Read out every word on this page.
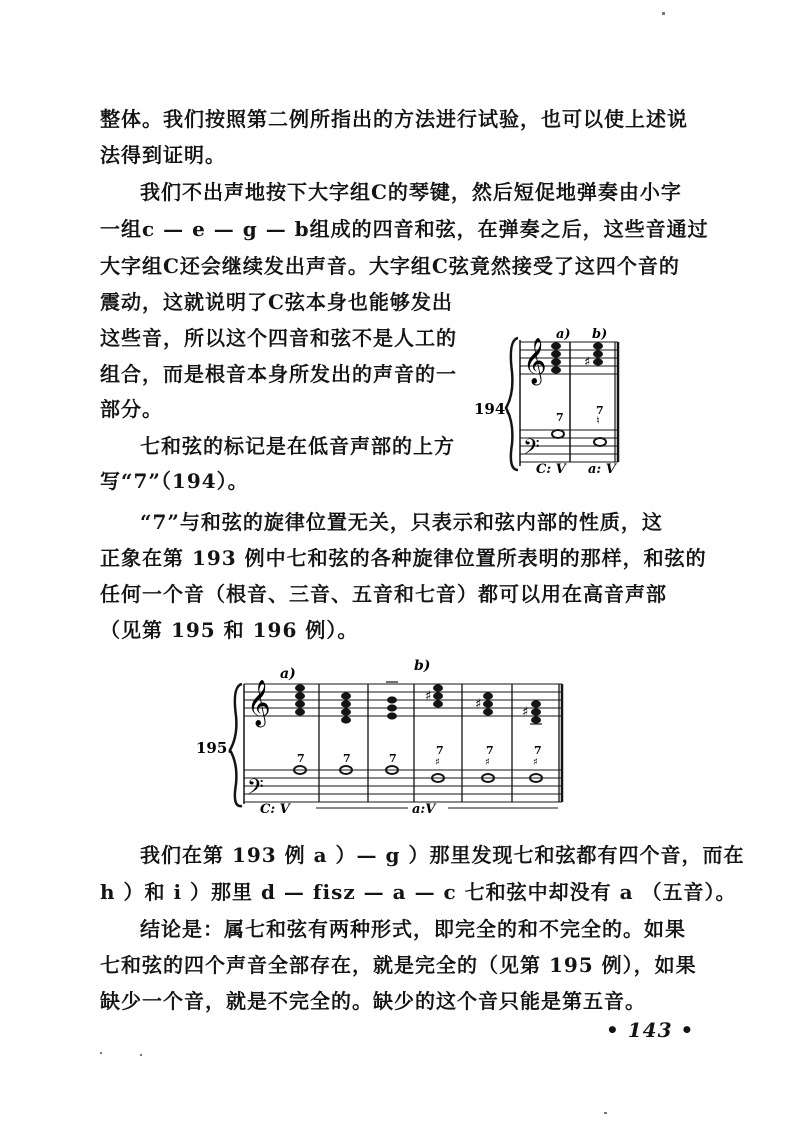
整体。我们按照第二例所指出的方法进行试验，也可以使上述说
法得到证明。
我们不出声地按下大字组C的琴键，然后短促地弹奏由小字
一组c — e — g — b组成的四音和弦，在弹奏之后，这些音通过
大字组C还会继续发出声音。大字组C弦竟然接受了这四个音的
震动，这就说明了C弦本身也能够发出
这些音，所以这个四音和弦不是人工的
组合，而是根音本身所发出的声音的一
部分。
七和弦的标记是在低音声部的上方
写“7”（194）。
“7”与和弦的旋律位置无关，只表示和弦内部的性质，这
正象在第 193 例中七和弦的各种旋律位置所表明的那样，和弦的
任何一个音（根音、三音、五音和七音）都可以用在高音声部
（见第 195 和 196 例）。
194.
𝄞
𝄢
a) b)
♯
7
7
♮
C: V a: V
195.
𝄞
𝄢
a)	b)
♯
♯
♯
7	7	7
7	7	7
♯	♯	♯
C: V	a:V
我们在第 193 例 a ）— g ）那里发现七和弦都有四个音，而在
h ）和 i ）那里 d — fisz — a — c 七和弦中却没有 a （五音）。
结论是：属七和弦有两种形式，即完全的和不完全的。如果
七和弦的四个声音全部存在，就是完全的（见第 195 例），如果
缺少一个音，就是不完全的。缺少的这个音只能是第五音。
• 143 •
